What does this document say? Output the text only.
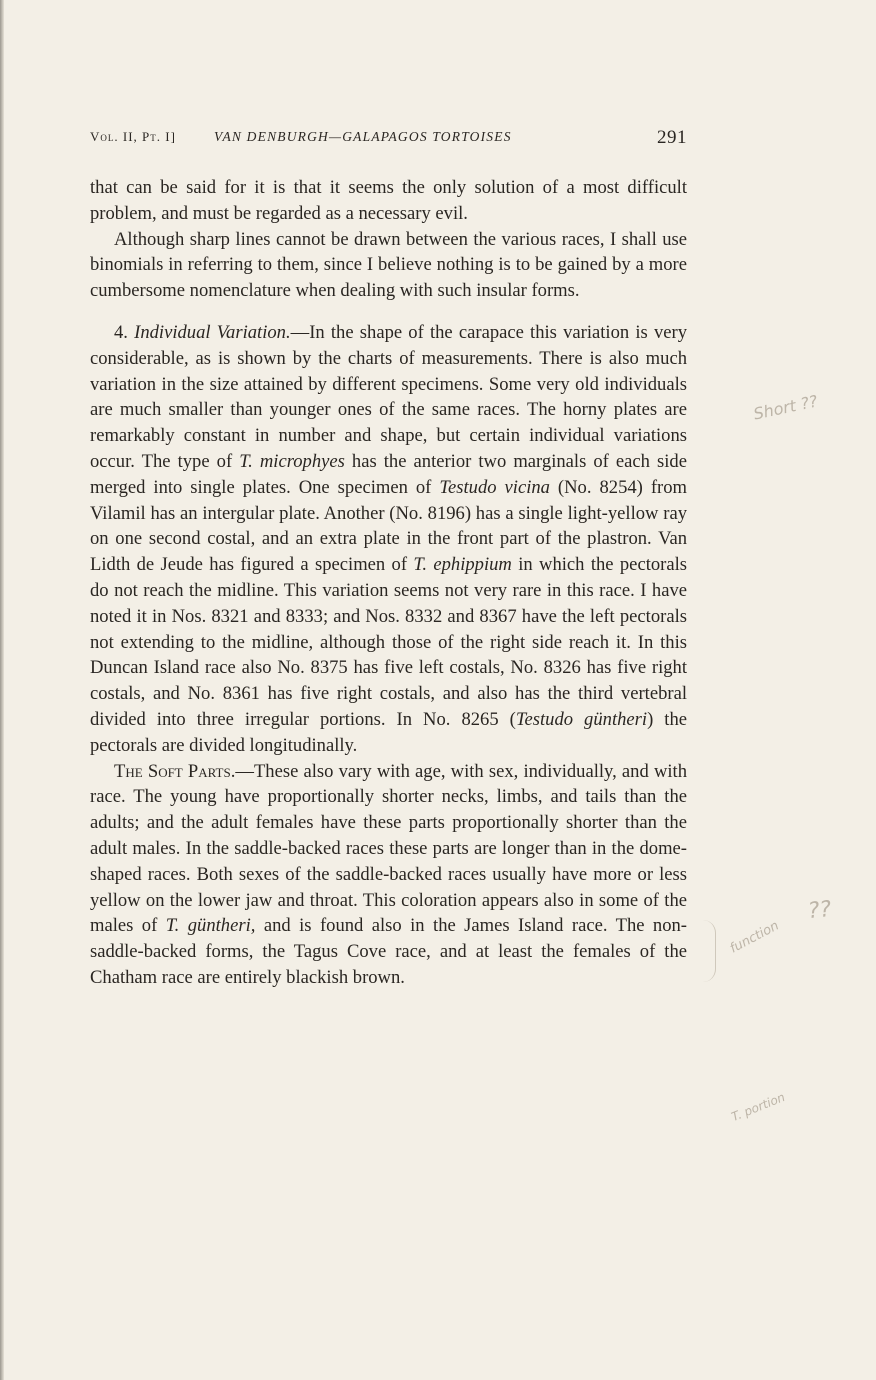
Vol. II, Pt. I]	VAN DENBURGH—GALAPAGOS TORTOISES	291

that can be said for it is that it seems the only solution of a most difficult problem, and must be regarded as a necessary evil.

Although sharp lines cannot be drawn between the various races, I shall use binomials in referring to them, since I believe nothing is to be gained by a more cumbersome nomenclature when dealing with such insular forms.

4. Individual Variation.—In the shape of the carapace this variation is very considerable, as is shown by the charts of measurements. There is also much variation in the size attained by different specimens. Some very old individuals are much smaller than younger ones of the same races. The horny plates are remarkably constant in number and shape, but certain individual variations occur. The type of T. microphyes has the anterior two marginals of each side merged into single plates. One specimen of Testudo vicina (No. 8254) from Vilamil has an intergular plate. Another (No. 8196) has a single light-yellow ray on one second costal, and an extra plate in the front part of the plastron. Van Lidth de Jeude has figured a specimen of T. ephippium in which the pectorals do not reach the midline. This variation seems not very rare in this race. I have noted it in Nos. 8321 and 8333; and Nos. 8332 and 8367 have the left pectorals not extending to the midline, although those of the right side reach it. In this Duncan Island race also No. 8375 has five left costals, No. 8326 has five right costals, and No. 8361 has five right costals, and also has the third vertebral divided into three irregular portions. In No. 8265 (Testudo güntheri) the pectorals are divided longitudinally.

The Soft Parts.—These also vary with age, with sex, individually, and with race. The young have proportionally shorter necks, limbs, and tails than the adults; and the adult females have these parts proportionally shorter than the adult males. In the saddle-backed races these parts are longer than in the dome-shaped races. Both sexes of the saddle-backed races usually have more or less yellow on the lower jaw and throat. This coloration appears also in some of the males of T. güntheri, and is found also in the James Island race. The non-saddle-backed forms, the Tagus Cove race, and at least the females of the Chatham race are entirely blackish brown.

Short ??
??
function
T. portion
